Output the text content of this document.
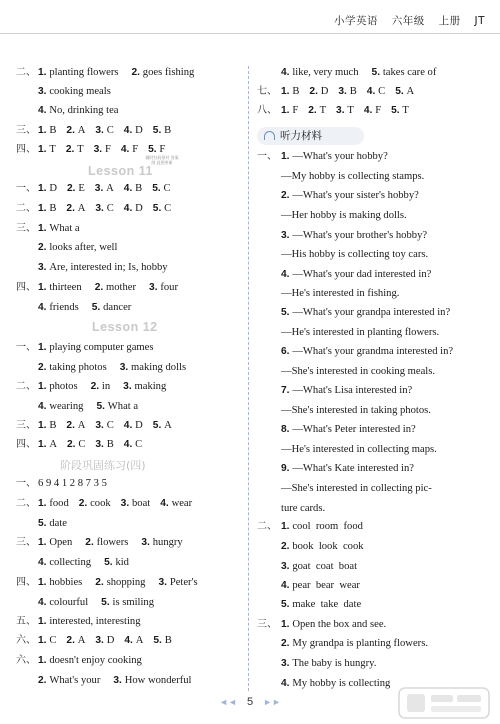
小学英语 六年级 上册 JT
二、 1. planting flowers 2. goes fishing
3. cooking meals
4. No, drinking tea
三、 1. B 2. A 3. C 4. D 5. B
四、 1. T 2. T 3. F 4. F 5. F
一、 1. D 2. E 3. A 4. B 5. C
二、 1. B 2. A 3. C 4. D 5. C
三、 1. What a
2. looks after, well
3. Are, interested in; Is, hobby
四、 1. thirteen 2. mother 3. four
4. friends 5. dancer
一、 1. playing computer games
2. taking photos 3. making dolls
二、 1. photos 2. in 3. making
4. wearing 5. What a
三、 1. B 2. A 3. C 4. D 5. A
四、 1. A 2. C 3. B 4. C
一、 6 9 4 1 2 8 7 3 5
二、 1. food 2. cook 3. boat 4. wear
5. date
三、 1. Open 2. flowers 3. hungry
4. collecting 5. kid
四、 1. hobbies 2. shopping 3. Peter's
4. colourful 5. is smiling
五、 1. interested, interesting
六、 1. C 2. A 3. D 4. A 5. B
六、 1. doesn't enjoy cooking
2. What's your 3. How wonderful
4. like, very much 5. takes care of
七、 1. B 2. D 3. B 4. C 5. A
八、 1. F 2. T 3. T 4. F 5. T
一、 1. —What's your hobby?
—My hobby is collecting stamps.
2. —What's your sister's hobby?
—Her hobby is making dolls.
3. —What's your brother's hobby?
—His hobby is collecting toy cars.
4. —What's your dad interested in?
—He's interested in fishing.
5. —What's your grandpa interested in?
—He's interested in planting flowers.
6. —What's your grandma interested in?
—She's interested in cooking meals.
7. —What's Lisa interested in?
—She's interested in taking photos.
8. —What's Peter interested in?
—He's interested in collecting maps.
9. —What's Kate interested in?
—She's interested in collecting pic-
ture cards.
二、 1. cool  room  food
2. book  look  cook
3. goat  coat  boat
4. pear  bear  wear
5. make  take  date
三、 1. Open the box and see.
2. My grandpa is planting flowers.
3. The baby is hungry.
4. My hobby is collecting
Lesson 11
做时扫码领对 答案图 此图更新
Lesson 12
阶段巩固练习(四)
听力材料
◄◄ 5 ►►
